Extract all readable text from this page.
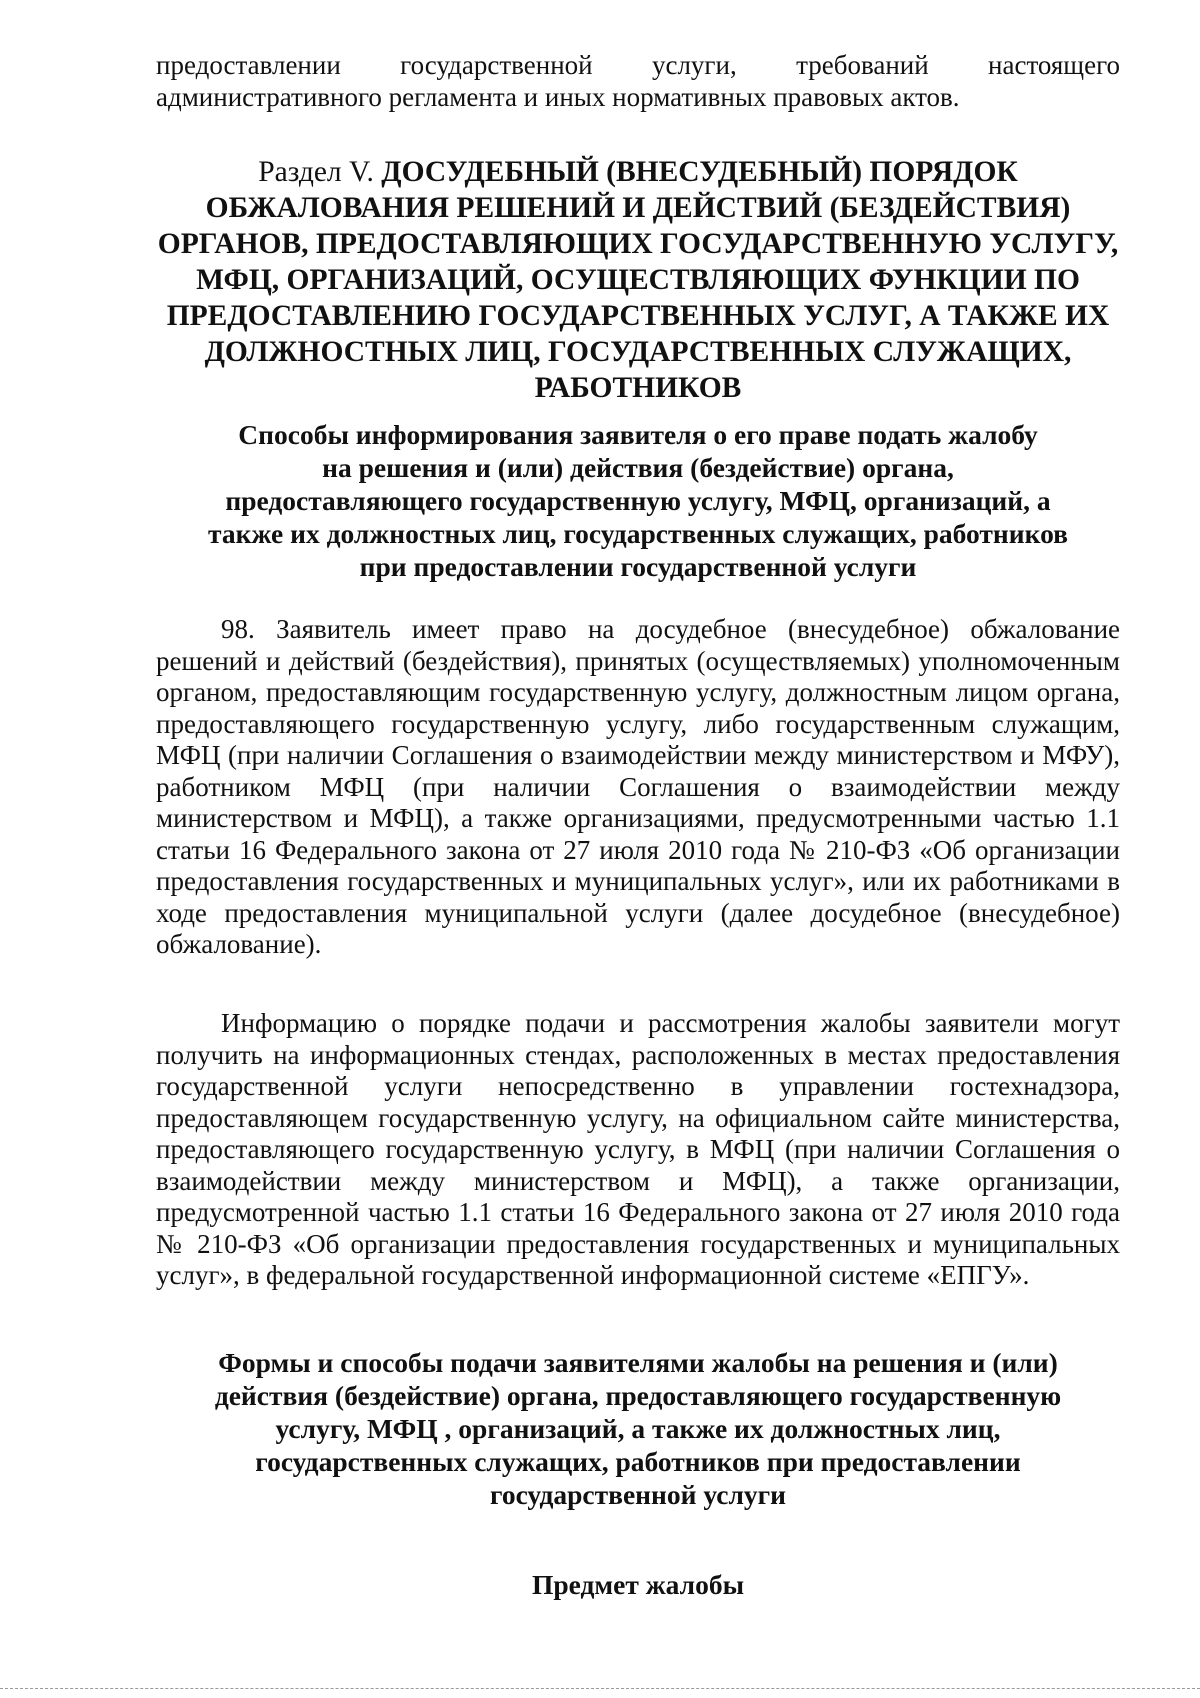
предоставлении государственной услуги, требований настоящего административного регламента и иных нормативных правовых актов.

Раздел V. ДОСУДЕБНЫЙ (ВНЕСУДЕБНЫЙ) ПОРЯДОК
ОБЖАЛОВАНИЯ РЕШЕНИЙ И ДЕЙСТВИЙ (БЕЗДЕЙСТВИЯ)
ОРГАНОВ, ПРЕДОСТАВЛЯЮЩИХ ГОСУДАРСТВЕННУЮ УСЛУГУ,
МФЦ, ОРГАНИЗАЦИЙ, ОСУЩЕСТВЛЯЮЩИХ ФУНКЦИИ ПО
ПРЕДОСТАВЛЕНИЮ ГОСУДАРСТВЕННЫХ УСЛУГ, А ТАКЖЕ ИХ
ДОЛЖНОСТНЫХ ЛИЦ, ГОСУДАРСТВЕННЫХ СЛУЖАЩИХ,
РАБОТНИКОВ
Способы информирования заявителя о его праве подать жалобу
на решения и (или) действия (бездействие) органа,
предоставляющего государственную услугу, МФЦ, организаций, а
также их должностных лиц, государственных служащих, работников
при предоставлении государственной услуги

98. Заявитель имеет право на досудебное (внесудебное) обжалование решений и действий (бездействия), принятых (осуществляемых) уполномоченным органом, предоставляющим государственную услугу, должностным лицом органа, предоставляющего государственную услугу, либо государственным служащим, МФЦ (при наличии Соглашения о взаимодействии между министерством и МФУ), работником МФЦ (при наличии Соглашения о взаимодействии между министерством и МФЦ), а также организациями, предусмотренными частью 1.1 статьи 16 Федерального закона от 27 июля 2010 года № 210-ФЗ «Об организации предоставления государственных и муниципальных услуг», или их работниками в ходе предоставления муниципальной услуги (далее досудебное (внесудебное) обжалование).

Информацию о порядке подачи и рассмотрения жалобы заявители могут получить на информационных стендах, расположенных в местах предоставления государственной услуги непосредственно в управлении гостехнадзора, предоставляющем государственную услугу, на официальном сайте министерства, предоставляющего государственную услугу, в МФЦ (при наличии Соглашения о взаимодействии между министерством и МФЦ), а также организации, предусмотренной частью 1.1 статьи 16 Федерального закона от 27 июля 2010 года № 210-ФЗ «Об организации предоставления государственных и муниципальных услуг», в федеральной государственной информационной системе «ЕПГУ».

Формы и способы подачи заявителями жалобы на решения и (или)
действия (бездействие) органа, предоставляющего государственную
услугу, МФЦ , организаций, а также их должностных лиц,
государственных служащих, работников при предоставлении
государственной услуги
Предмет жалобы
